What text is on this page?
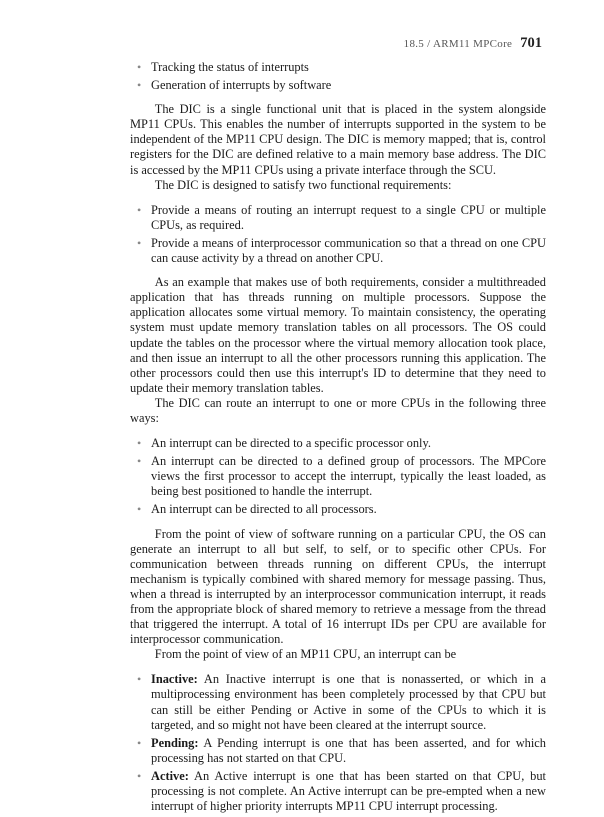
18.5 / ARM11 MPCore 701
• Tracking the status of interrupts
• Generation of interrupts by software

The DIC is a single functional unit that is placed in the system alongside MP11 CPUs. This enables the number of interrupts supported in the system to be independent of the MP11 CPU design. The DIC is memory mapped; that is, control registers for the DIC are defined relative to a main memory base address. The DIC is accessed by the MP11 CPUs using a private interface through the SCU.

The DIC is designed to satisfy two functional requirements:

• Provide a means of routing an interrupt request to a single CPU or multiple CPUs, as required.
• Provide a means of interprocessor communication so that a thread on one CPU can cause activity by a thread on another CPU.

As an example that makes use of both requirements, consider a multithreaded application that has threads running on multiple processors. Suppose the application allocates some virtual memory. To maintain consistency, the operating system must update memory translation tables on all processors. The OS could update the tables on the processor where the virtual memory allocation took place, and then issue an interrupt to all the other processors running this application. The other processors could then use this interrupt's ID to determine that they need to update their memory translation tables.

The DIC can route an interrupt to one or more CPUs in the following three ways:

• An interrupt can be directed to a specific processor only.
• An interrupt can be directed to a defined group of processors. The MPCore views the first processor to accept the interrupt, typically the least loaded, as being best positioned to handle the interrupt.
• An interrupt can be directed to all processors.

From the point of view of software running on a particular CPU, the OS can generate an interrupt to all but self, to self, or to specific other CPUs. For communication between threads running on different CPUs, the interrupt mechanism is typically combined with shared memory for message passing. Thus, when a thread is interrupted by an interprocessor communication interrupt, it reads from the appropriate block of shared memory to retrieve a message from the thread that triggered the interrupt. A total of 16 interrupt IDs per CPU are available for interprocessor communication.

From the point of view of an MP11 CPU, an interrupt can be

• Inactive: An Inactive interrupt is one that is nonasserted, or which in a multiprocessing environment has been completely processed by that CPU but can still be either Pending or Active in some of the CPUs to which it is targeted, and so might not have been cleared at the interrupt source.
• Pending: A Pending interrupt is one that has been asserted, and for which processing has not started on that CPU.
• Active: An Active interrupt is one that has been started on that CPU, but processing is not complete. An Active interrupt can be pre-empted when a new interrupt of higher priority interrupts MP11 CPU interrupt processing.
